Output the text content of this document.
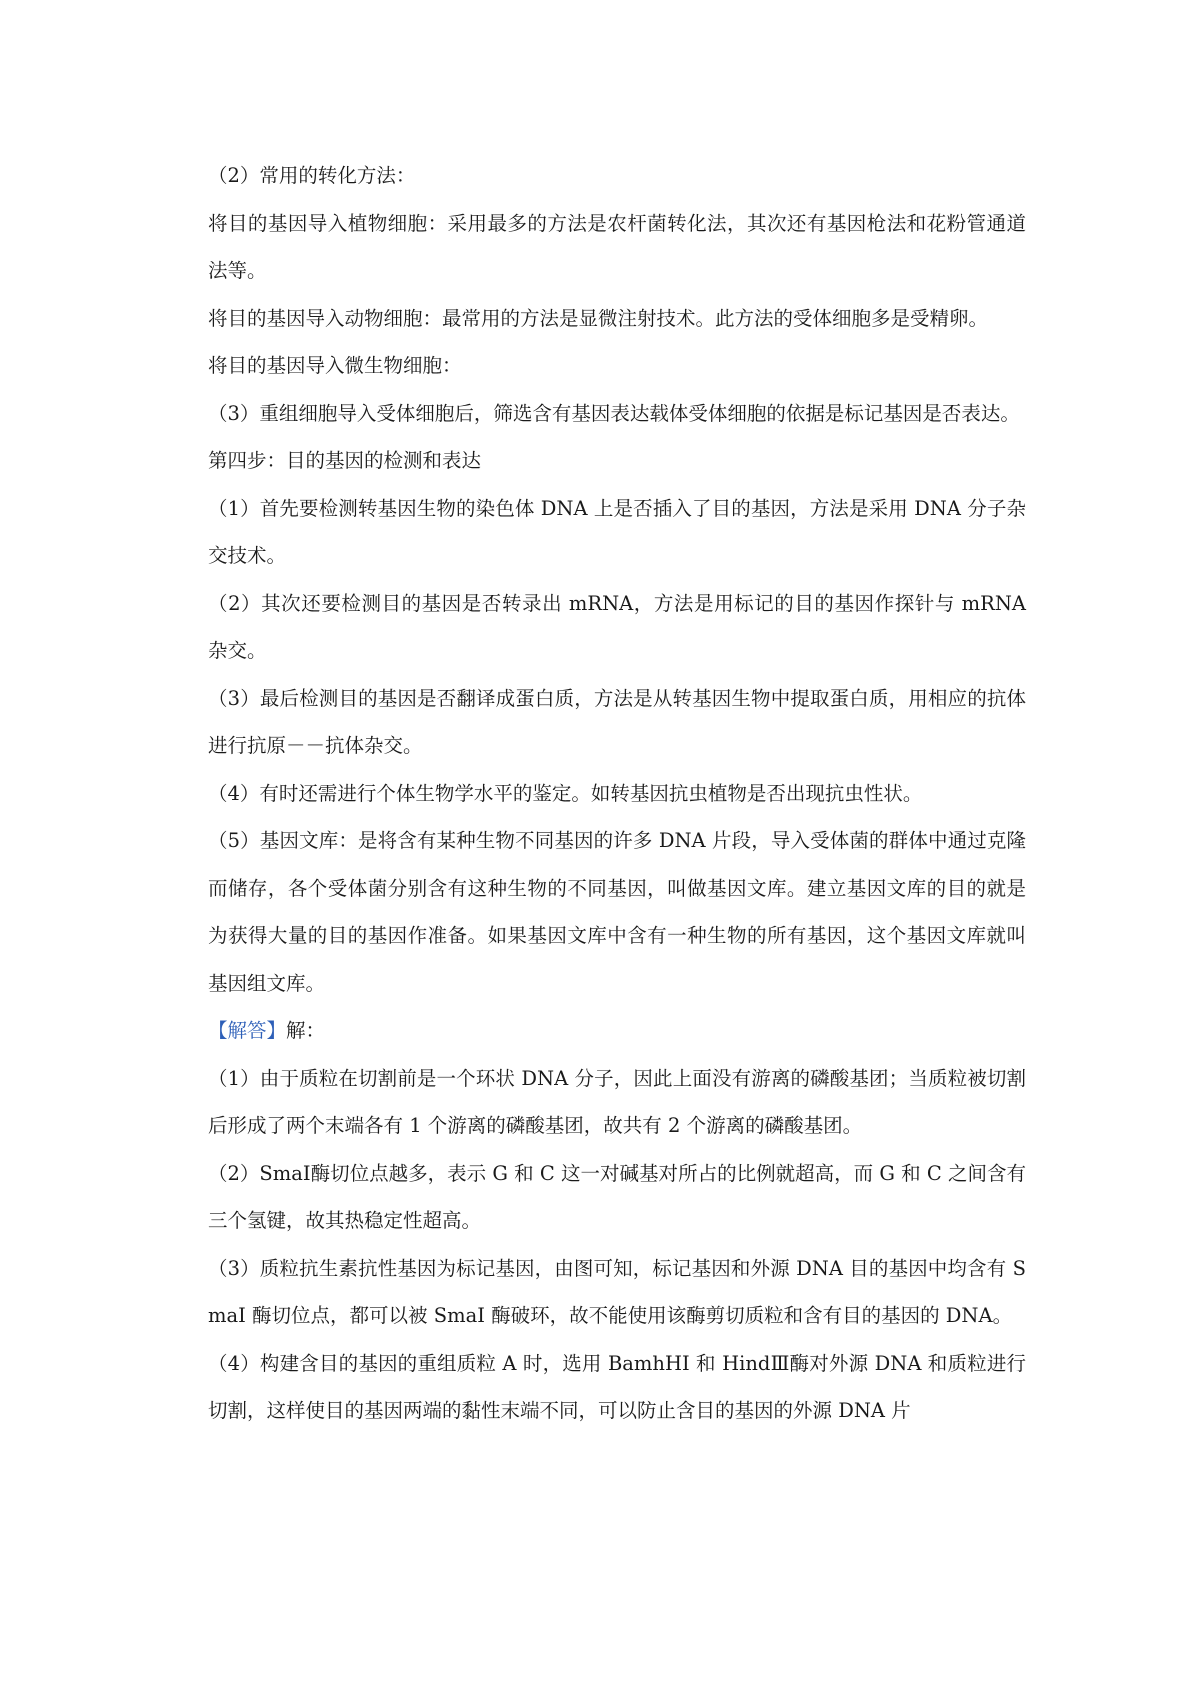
（2）常用的转化方法：

将目的基因导入植物细胞：采用最多的方法是农杆菌转化法，其次还有基因枪法和花粉管通道法等。

将目的基因导入动物细胞：最常用的方法是显微注射技术。此方法的受体细胞多是受精卵。

将目的基因导入微生物细胞：

（3）重组细胞导入受体细胞后，筛选含有基因表达载体受体细胞的依据是标记基因是否表达。

第四步：目的基因的检测和表达

（1）首先要检测转基因生物的染色体 DNA 上是否插入了目的基因，方法是采用 DNA 分子杂交技术。

（2）其次还要检测目的基因是否转录出 mRNA，方法是用标记的目的基因作探针与 mRNA 杂交。

（3）最后检测目的基因是否翻译成蛋白质，方法是从转基因生物中提取蛋白质，用相应的抗体进行抗原－－抗体杂交。

（4）有时还需进行个体生物学水平的鉴定。如转基因抗虫植物是否出现抗虫性状。

（5）基因文库：是将含有某种生物不同基因的许多 DNA 片段，导入受体菌的群体中通过克隆而储存，各个受体菌分别含有这种生物的不同基因，叫做基因文库。建立基因文库的目的就是为获得大量的目的基因作准备。如果基因文库中含有一种生物的所有基因，这个基因文库就叫基因组文库。

【解答】解：

（1）由于质粒在切割前是一个环状 DNA 分子，因此上面没有游离的磷酸基团；当质粒被切割后形成了两个末端各有 1 个游离的磷酸基团，故共有 2 个游离的磷酸基团。

（2）SmaⅠ酶切位点越多，表示 G 和 C 这一对碱基对所占的比例就超高，而 G 和 C 之间含有三个氢键，故其热稳定性超高。

（3）质粒抗生素抗性基因为标记基因，由图可知，标记基因和外源 DNA 目的基因中均含有 SmaI 酶切位点，都可以被 SmaI 酶破环，故不能使用该酶剪切质粒和含有目的基因的 DNA。

（4）构建含目的基因的重组质粒 A 时，选用 BamhHI 和 HindⅢ酶对外源 DNA 和质粒进行切割，这样使目的基因两端的黏性末端不同，可以防止含目的基因的外源 DNA 片
